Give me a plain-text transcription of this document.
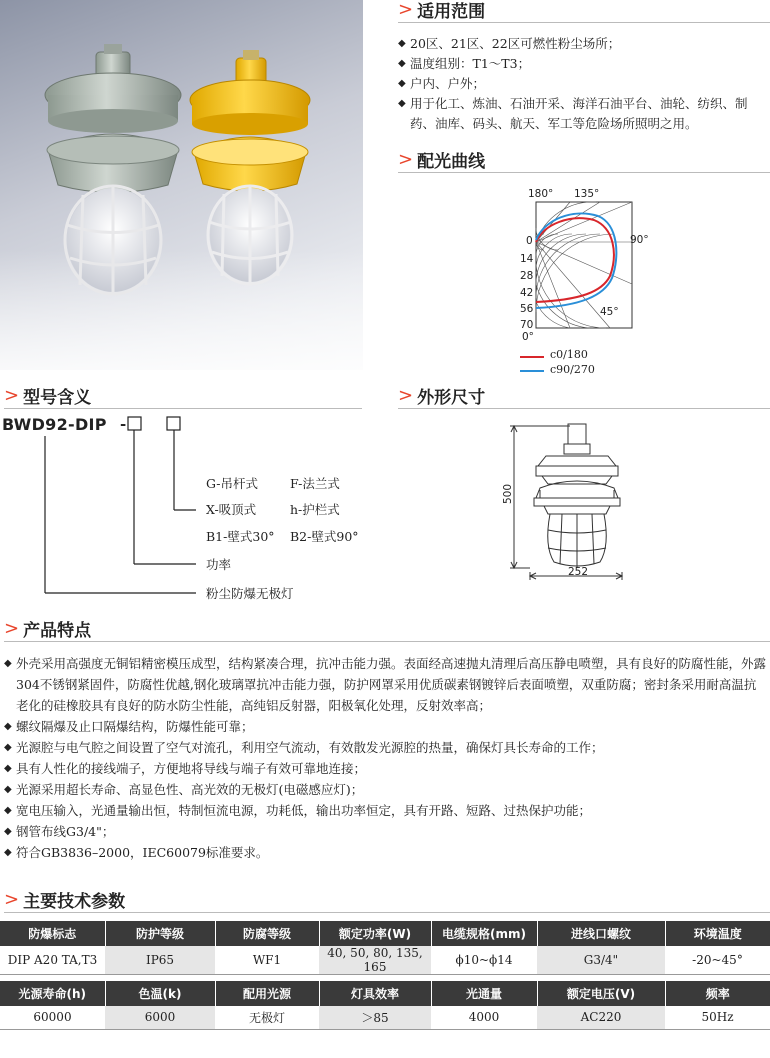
> 适用范围
◆ 20区、21区、22区可燃性粉尘场所；
◆ 温度组别：T1～T3；
◆ 户内、户外；
◆ 用于化工、炼油、石油开采、海洋石油平台、油轮、纺织、制药、油库、码头、航天、军工等危险场所照明之用。
> 配光曲线
180° 135°
90°
45°
0°
0
14
28
42
56
70
c0/180
c90/270
> 型号含义
BWD92-DIP -
G-吊杆式	F-法兰式
X-吸顶式	h-护栏式
B1-壁式30° B2-壁式90°
功率
粉尘防爆无极灯
> 外形尺寸
500
252
> 产品特点
◆ 外壳采用高强度无铜铝精密模压成型，结构紧凑合理，抗冲击能力强。表面经高速抛丸清理后高压静电喷塑，具有良好的防腐性能，外露304不锈钢紧固件，防腐性优越,钢化玻璃罩抗冲击能力强，防护网罩采用优质碳素钢镀锌后表面喷塑，双重防腐；密封条采用耐高温抗老化的硅橡胶具有良好的防水防尘性能，高纯铝反射器，阳极氧化处理，反射效率高；
◆ 螺纹隔爆及止口隔爆结构，防爆性能可靠；
◆ 光源腔与电气腔之间设置了空气对流孔，利用空气流动，有效散发光源腔的热量，确保灯具长寿命的工作；
◆ 具有人性化的接线端子，方便地将导线与端子有效可靠地连接；
◆ 光源采用超长寿命、高显色性、高光效的无极灯(电磁感应灯)；
◆ 宽电压输入，光通量输出恒，特制恒流电源，功耗低，输出功率恒定，具有开路、短路、过热保护功能；
◆ 钢管布线G3/4"；
◆ 符合GB3836–2000，IEC60079标准要求。
> 主要技术参数
防爆标志	防护等级	防腐等级	额定功率(W)	电缆规格(mm)	进线口螺纹	环境温度
DIP A20 TA,T3	IP65	WF1	40, 50, 80, 135, 165	ϕ10~ϕ14	G3/4"	-20~45°
光源寿命(h)	色温(k)	配用光源	灯具效率	光通量	额定电压(V)	频率
60000	6000	无极灯	＞85	4000	AC220	50Hz
